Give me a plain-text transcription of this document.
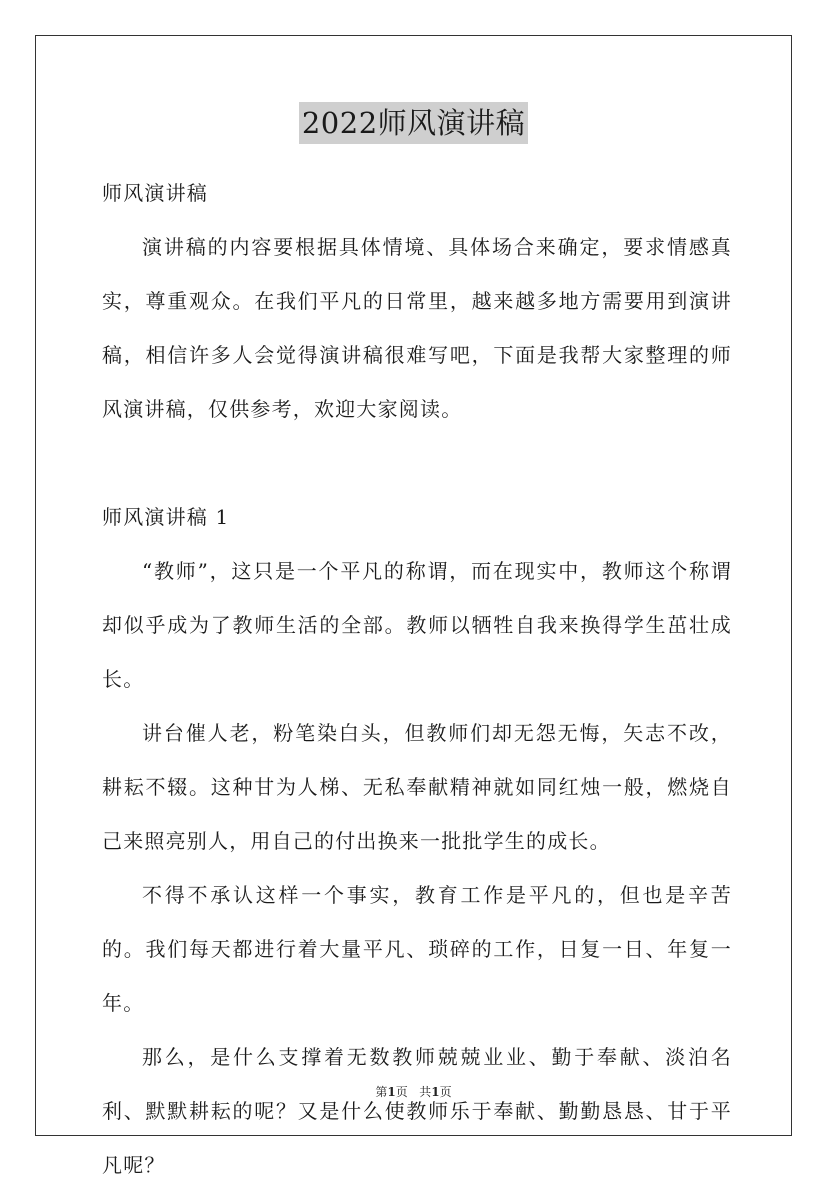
2022师风演讲稿

师风演讲稿

演讲稿的内容要根据具体情境、具体场合来确定，要求情感真实，尊重观众。在我们平凡的日常里，越来越多地方需要用到演讲稿，相信许多人会觉得演讲稿很难写吧，下面是我帮大家整理的师风演讲稿，仅供参考，欢迎大家阅读。

师风演讲稿 1

“教师”，这只是一个平凡的称谓，而在现实中，教师这个称谓却似乎成为了教师生活的全部。教师以牺牲自我来换得学生茁壮成长。

讲台催人老，粉笔染白头，但教师们却无怨无悔，矢志不改，耕耘不辍。这种甘为人梯、无私奉献精神就如同红烛一般，燃烧自己来照亮别人，用自己的付出换来一批批学生的成长。

不得不承认这样一个事实，教育工作是平凡的，但也是辛苦的。我们每天都进行着大量平凡、琐碎的工作，日复一日、年复一年。

那么，是什么支撑着无数教师兢兢业业、勤于奉献、淡泊名利、默默耕耘的呢？又是什么使教师乐于奉献、勤勤恳恳、甘于平凡呢？

第1页 共1页
